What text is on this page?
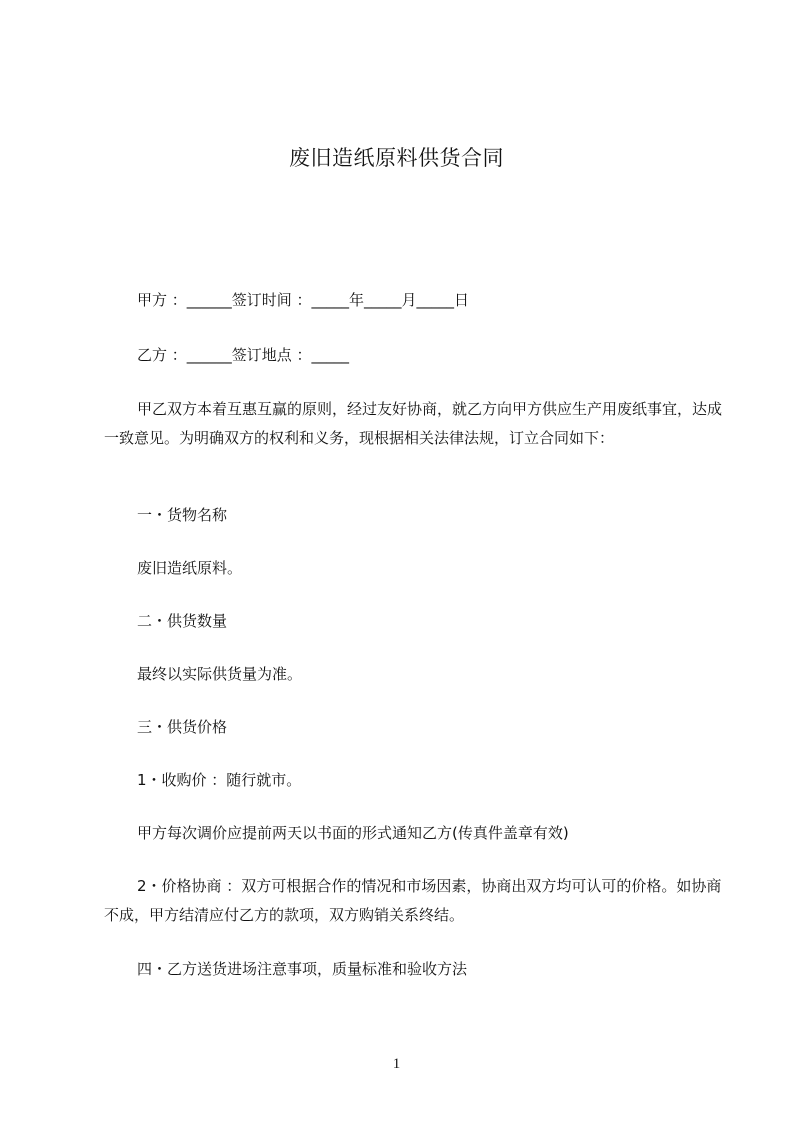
废旧造纸原料供货合同
甲方 ：______签订时间 ：_____年_____月_____日
乙方 ：______签订地点 ：_____
甲乙双方本着互惠互赢的原则，经过友好协商，就乙方向甲方供应生产用废纸事宜，达成一致意见。为明确双方的权利和义务，现根据相关法律法规，订立合同如下：
一・货物名称
废旧造纸原料。
二・供货数量
最终以实际供货量为准。
三・供货价格
1・收购价 ：随行就市。
甲方每次调价应提前两天以书面的形式通知乙方(传真件盖章有效)
2・价格协商 ：双方可根据合作的情况和市场因素，协商出双方均可认可的价格。如协商不成，甲方结清应付乙方的款项，双方购销关系终结。
四・乙方送货进场注意事项，质量标准和验收方法
1
